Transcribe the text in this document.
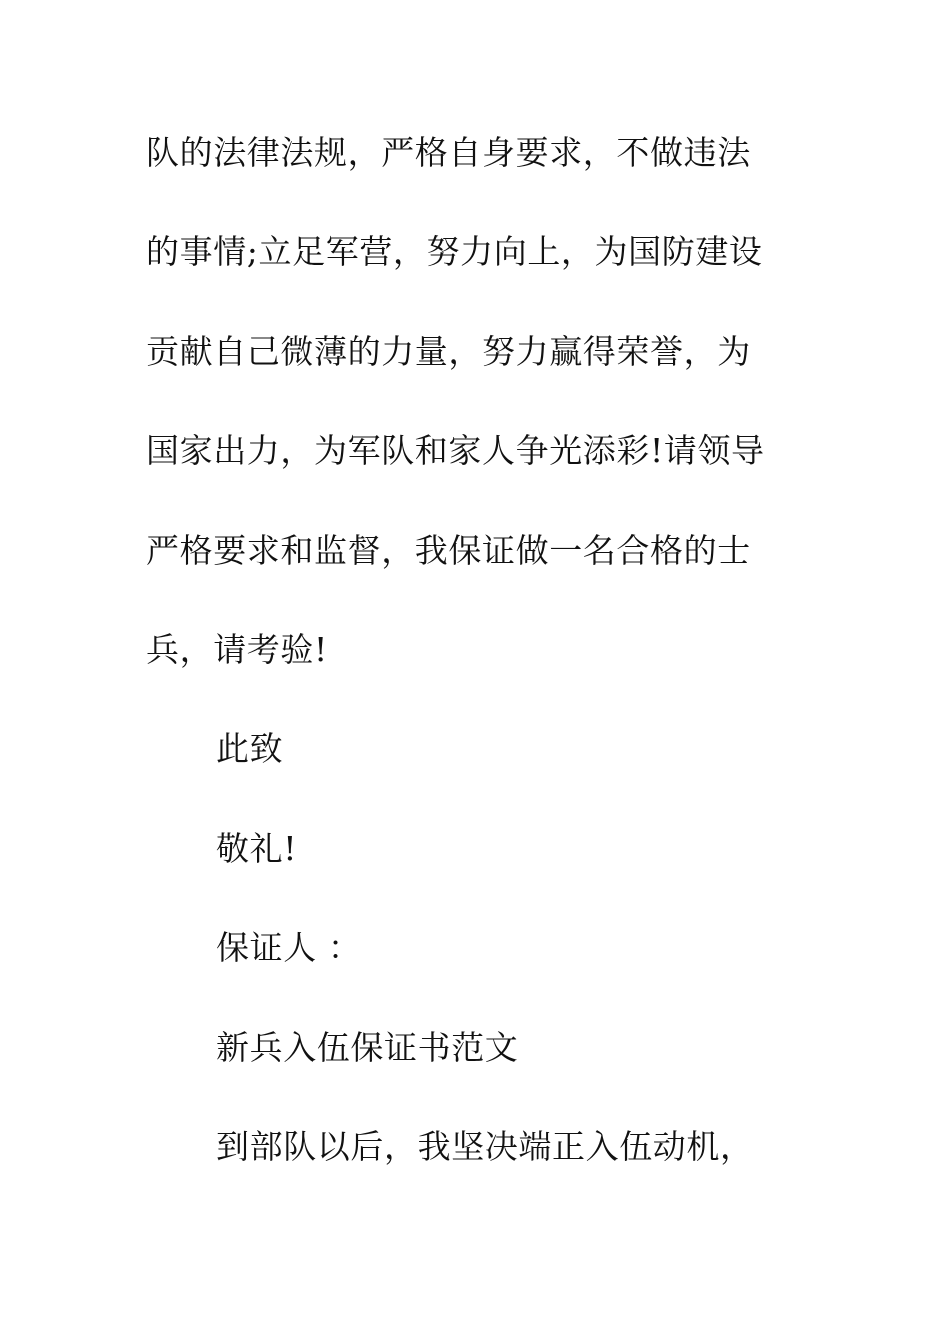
队的法律法规，严格自身要求，不做违法

的事情;立足军营，努力向上，为国防建设

贡献自己微薄的力量，努力赢得荣誉，为

国家出力，为军队和家人争光添彩!请领导

严格要求和监督，我保证做一名合格的士

兵，请考验!

此致

敬礼!

保证人 ：

新兵入伍保证书范文

到部队以后，我坚决端正入伍动机，
